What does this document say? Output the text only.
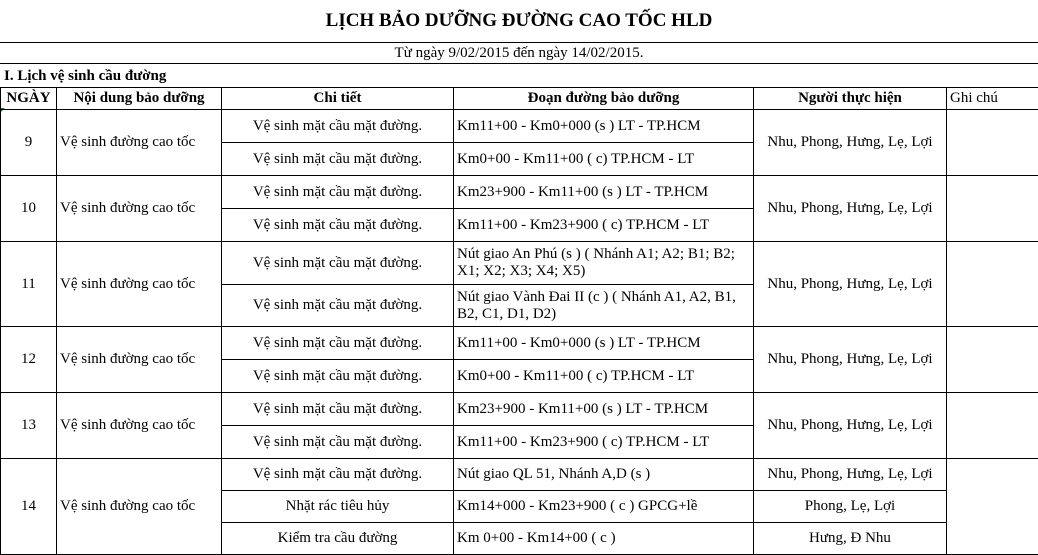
LỊCH BẢO DƯỠNG ĐƯỜNG CAO TỐC HLD
Từ ngày 9/02/2015 đến ngày 14/02/2015.
I. Lịch vệ sinh cầu đường
NGÀY	Nội dung bảo dưỡng	Chi tiết	Đoạn đường bảo dưỡng	Người thực hiện	Ghi chú
9	Vệ sinh đường cao tốc	Vệ sinh mặt cầu mặt đường.	Km11+00 - Km0+000 (s ) LT - TP.HCM	Nhu, Phong, Hưng, Lẹ, Lợi	
		Vệ sinh mặt cầu mặt đường.	Km0+00 - Km11+00 ( c) TP.HCM - LT		
10	Vệ sinh đường cao tốc	Vệ sinh mặt cầu mặt đường.	Km23+900 - Km11+00 (s ) LT - TP.HCM	Nhu, Phong, Hưng, Lẹ, Lợi	
		Vệ sinh mặt cầu mặt đường.	Km11+00 - Km23+900 ( c) TP.HCM - LT		
11	Vệ sinh đường cao tốc	Vệ sinh mặt cầu mặt đường.	Nút giao An Phú (s ) ( Nhánh A1; A2; B1; B2; X1; X2; X3; X4; X5)	Nhu, Phong, Hưng, Lẹ, Lợi	
		Vệ sinh mặt cầu mặt đường.	Nút giao Vành Đai II (c ) ( Nhánh A1, A2, B1, B2, C1, D1, D2)		
12	Vệ sinh đường cao tốc	Vệ sinh mặt cầu mặt đường.	Km11+00 - Km0+000 (s ) LT - TP.HCM	Nhu, Phong, Hưng, Lẹ, Lợi	
		Vệ sinh mặt cầu mặt đường.	Km0+00 - Km11+00 ( c) TP.HCM - LT		
13	Vệ sinh đường cao tốc	Vệ sinh mặt cầu mặt đường.	Km23+900 - Km11+00 (s ) LT - TP.HCM	Nhu, Phong, Hưng, Lẹ, Lợi	
		Vệ sinh mặt cầu mặt đường.	Km11+00 - Km23+900 ( c) TP.HCM - LT		
14	Vệ sinh đường cao tốc	Vệ sinh mặt cầu mặt đường.	Nút giao QL 51, Nhánh A,D (s )	Nhu, Phong, Hưng, Lẹ, Lợi	
		Nhặt rác tiêu hủy	Km14+000 - Km23+900 ( c ) GPCG+lề	Phong, Lẹ, Lợi	
		Kiểm tra cầu đường	Km 0+00 - Km14+00 ( c )	Hưng, Đ Nhu	
